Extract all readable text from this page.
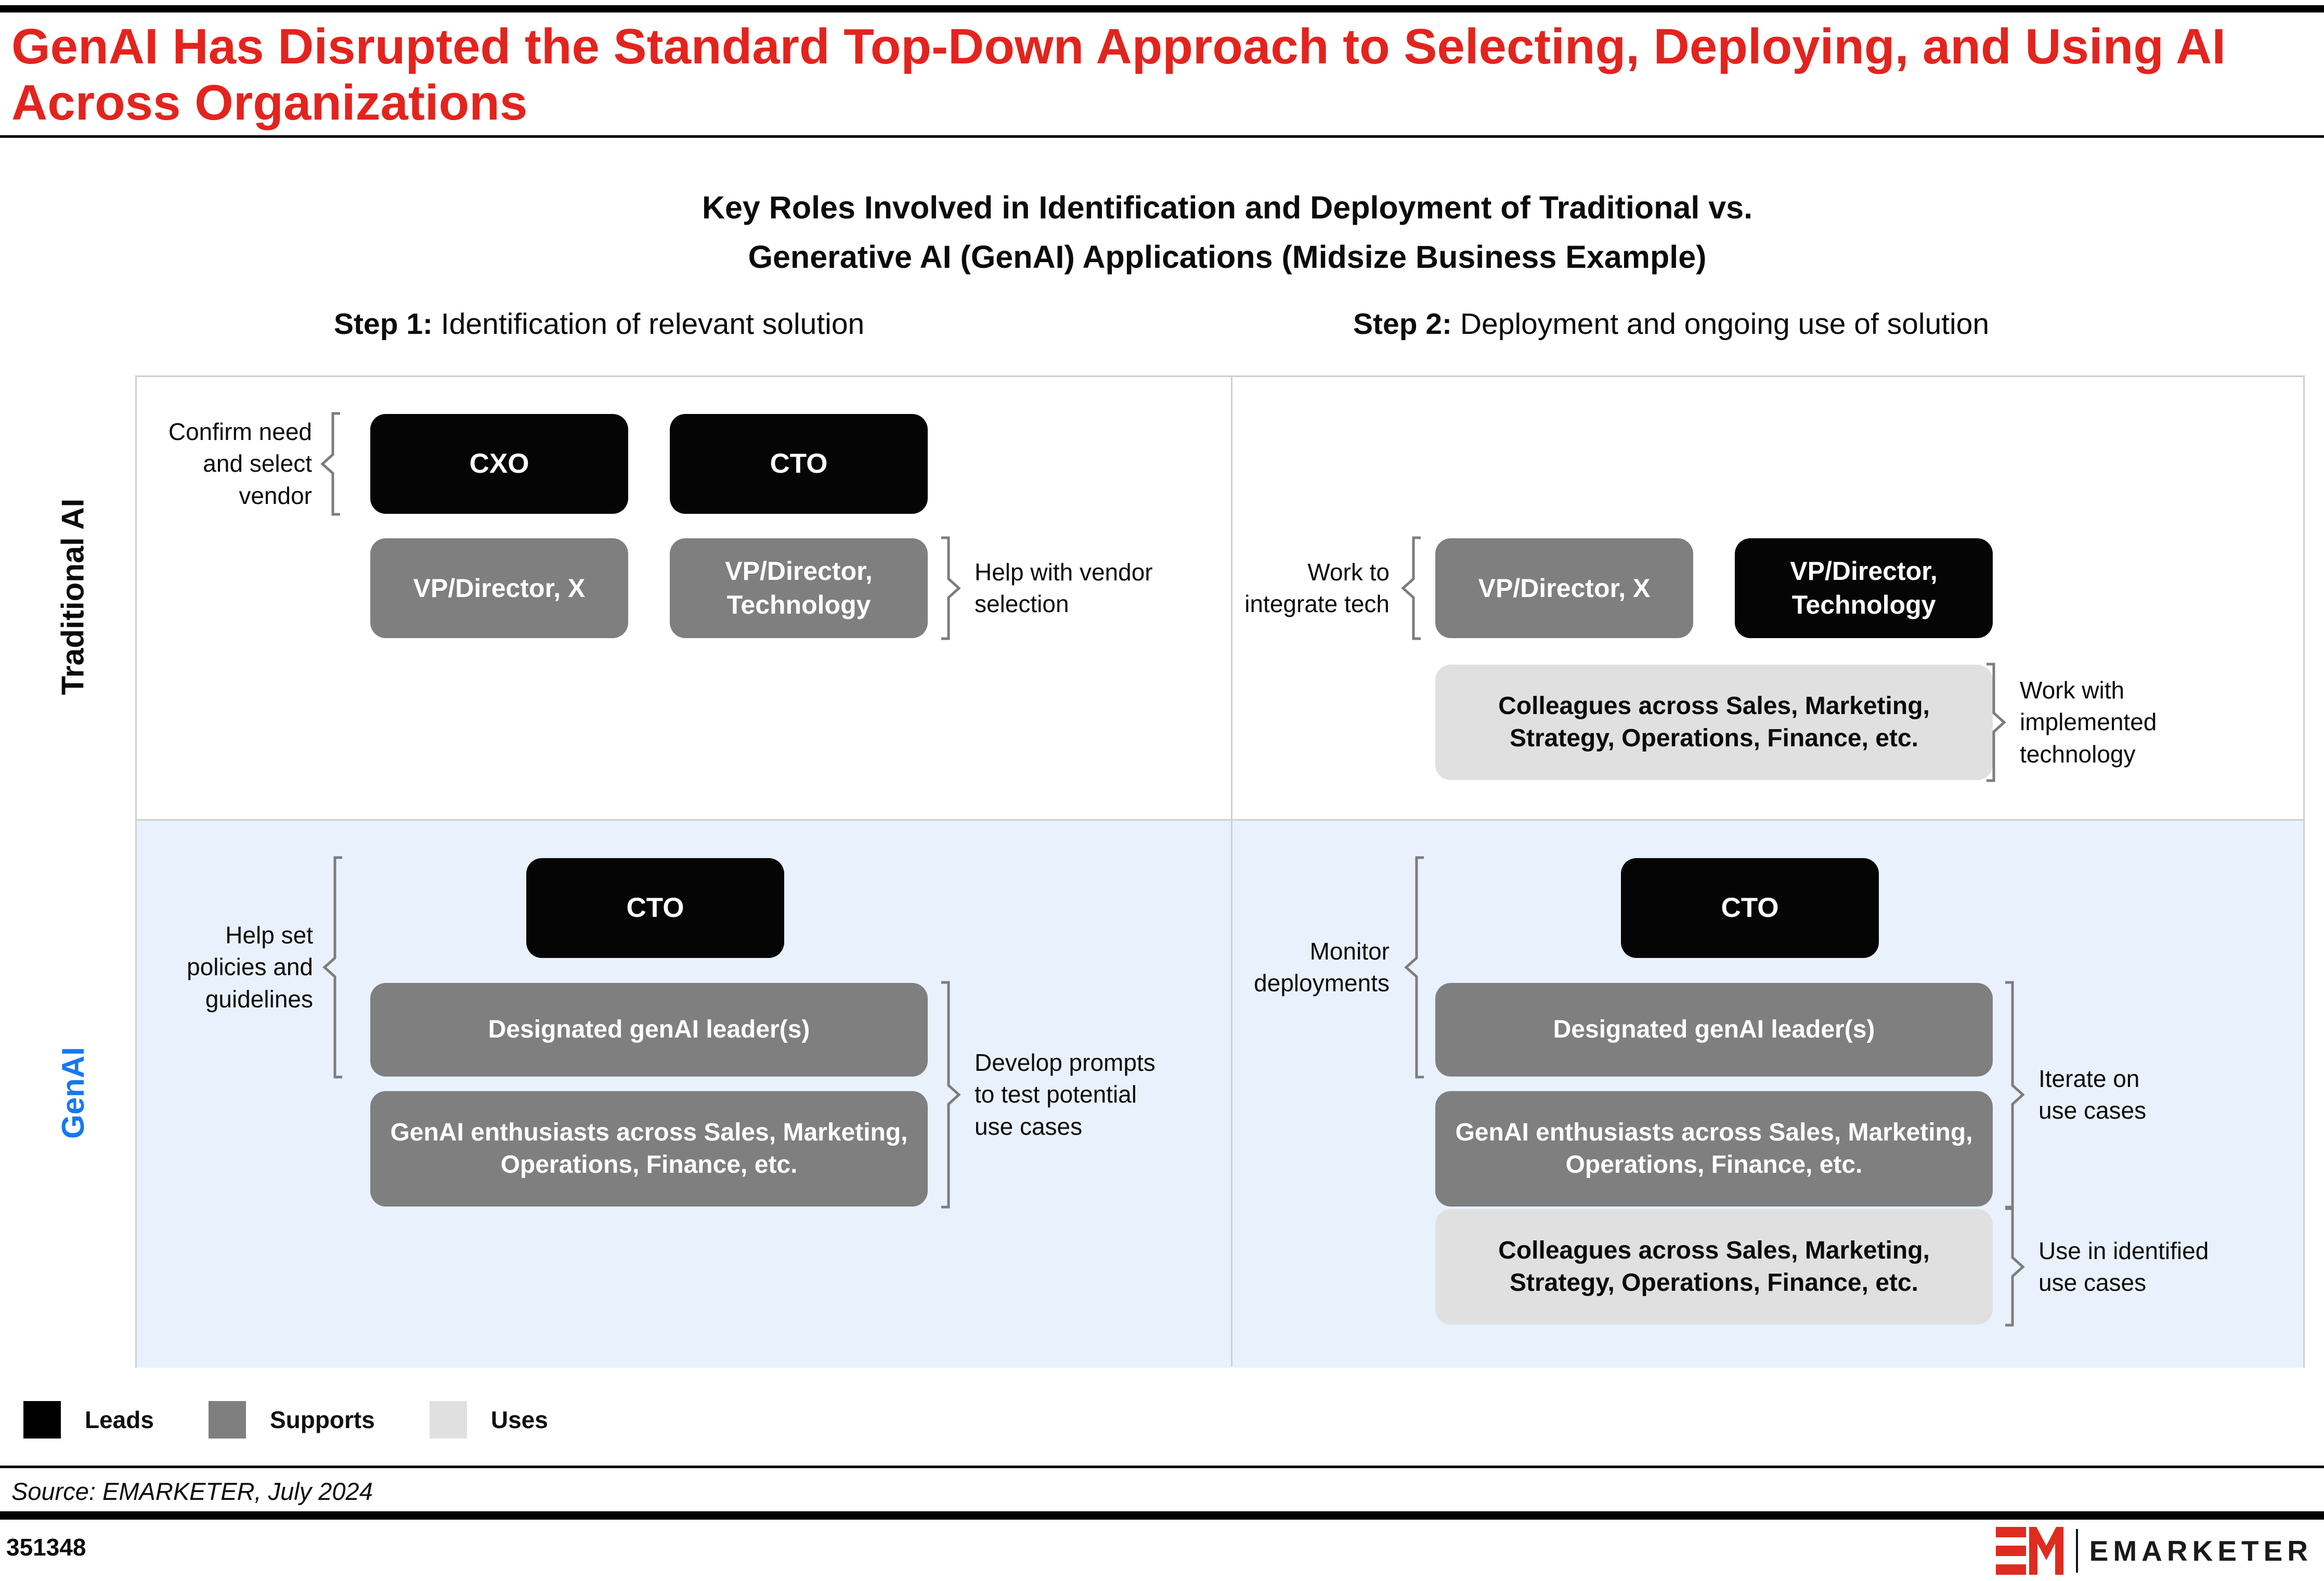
GenAI Has Disrupted the Standard Top-Down Approach to Selecting, Deploying, and Using AI
Across Organizations
Key Roles Involved in Identification and Deployment of Traditional vs.
Generative AI (GenAI) Applications (Midsize Business Example)
Step 1: Identification of relevant solution	Step 2: Deployment and ongoing use of solution
Traditional AI
GenAI
Confirm need and select vendor
CXO	CTO
VP/Director, X
VP/Director, Technology
Help with vendor selection
Work to integrate tech
VP/Director, X
VP/Director, Technology
Colleagues across Sales, Marketing, Strategy, Operations, Finance, etc.
Work with implemented technology
Help set policies and guidelines
CTO
Designated genAI leader(s)
GenAI enthusiasts across Sales, Marketing, Operations, Finance, etc.
Develop prompts to test potential use cases
Monitor deployments
CTO
Designated genAI leader(s)
GenAI enthusiasts across Sales, Marketing, Operations, Finance, etc.
Iterate on use cases
Colleagues across Sales, Marketing, Strategy, Operations, Finance, etc.
Use in identified use cases
Leads	Supports	Uses
Source: EMARKETER, July 2024
351348	EMARKETER
